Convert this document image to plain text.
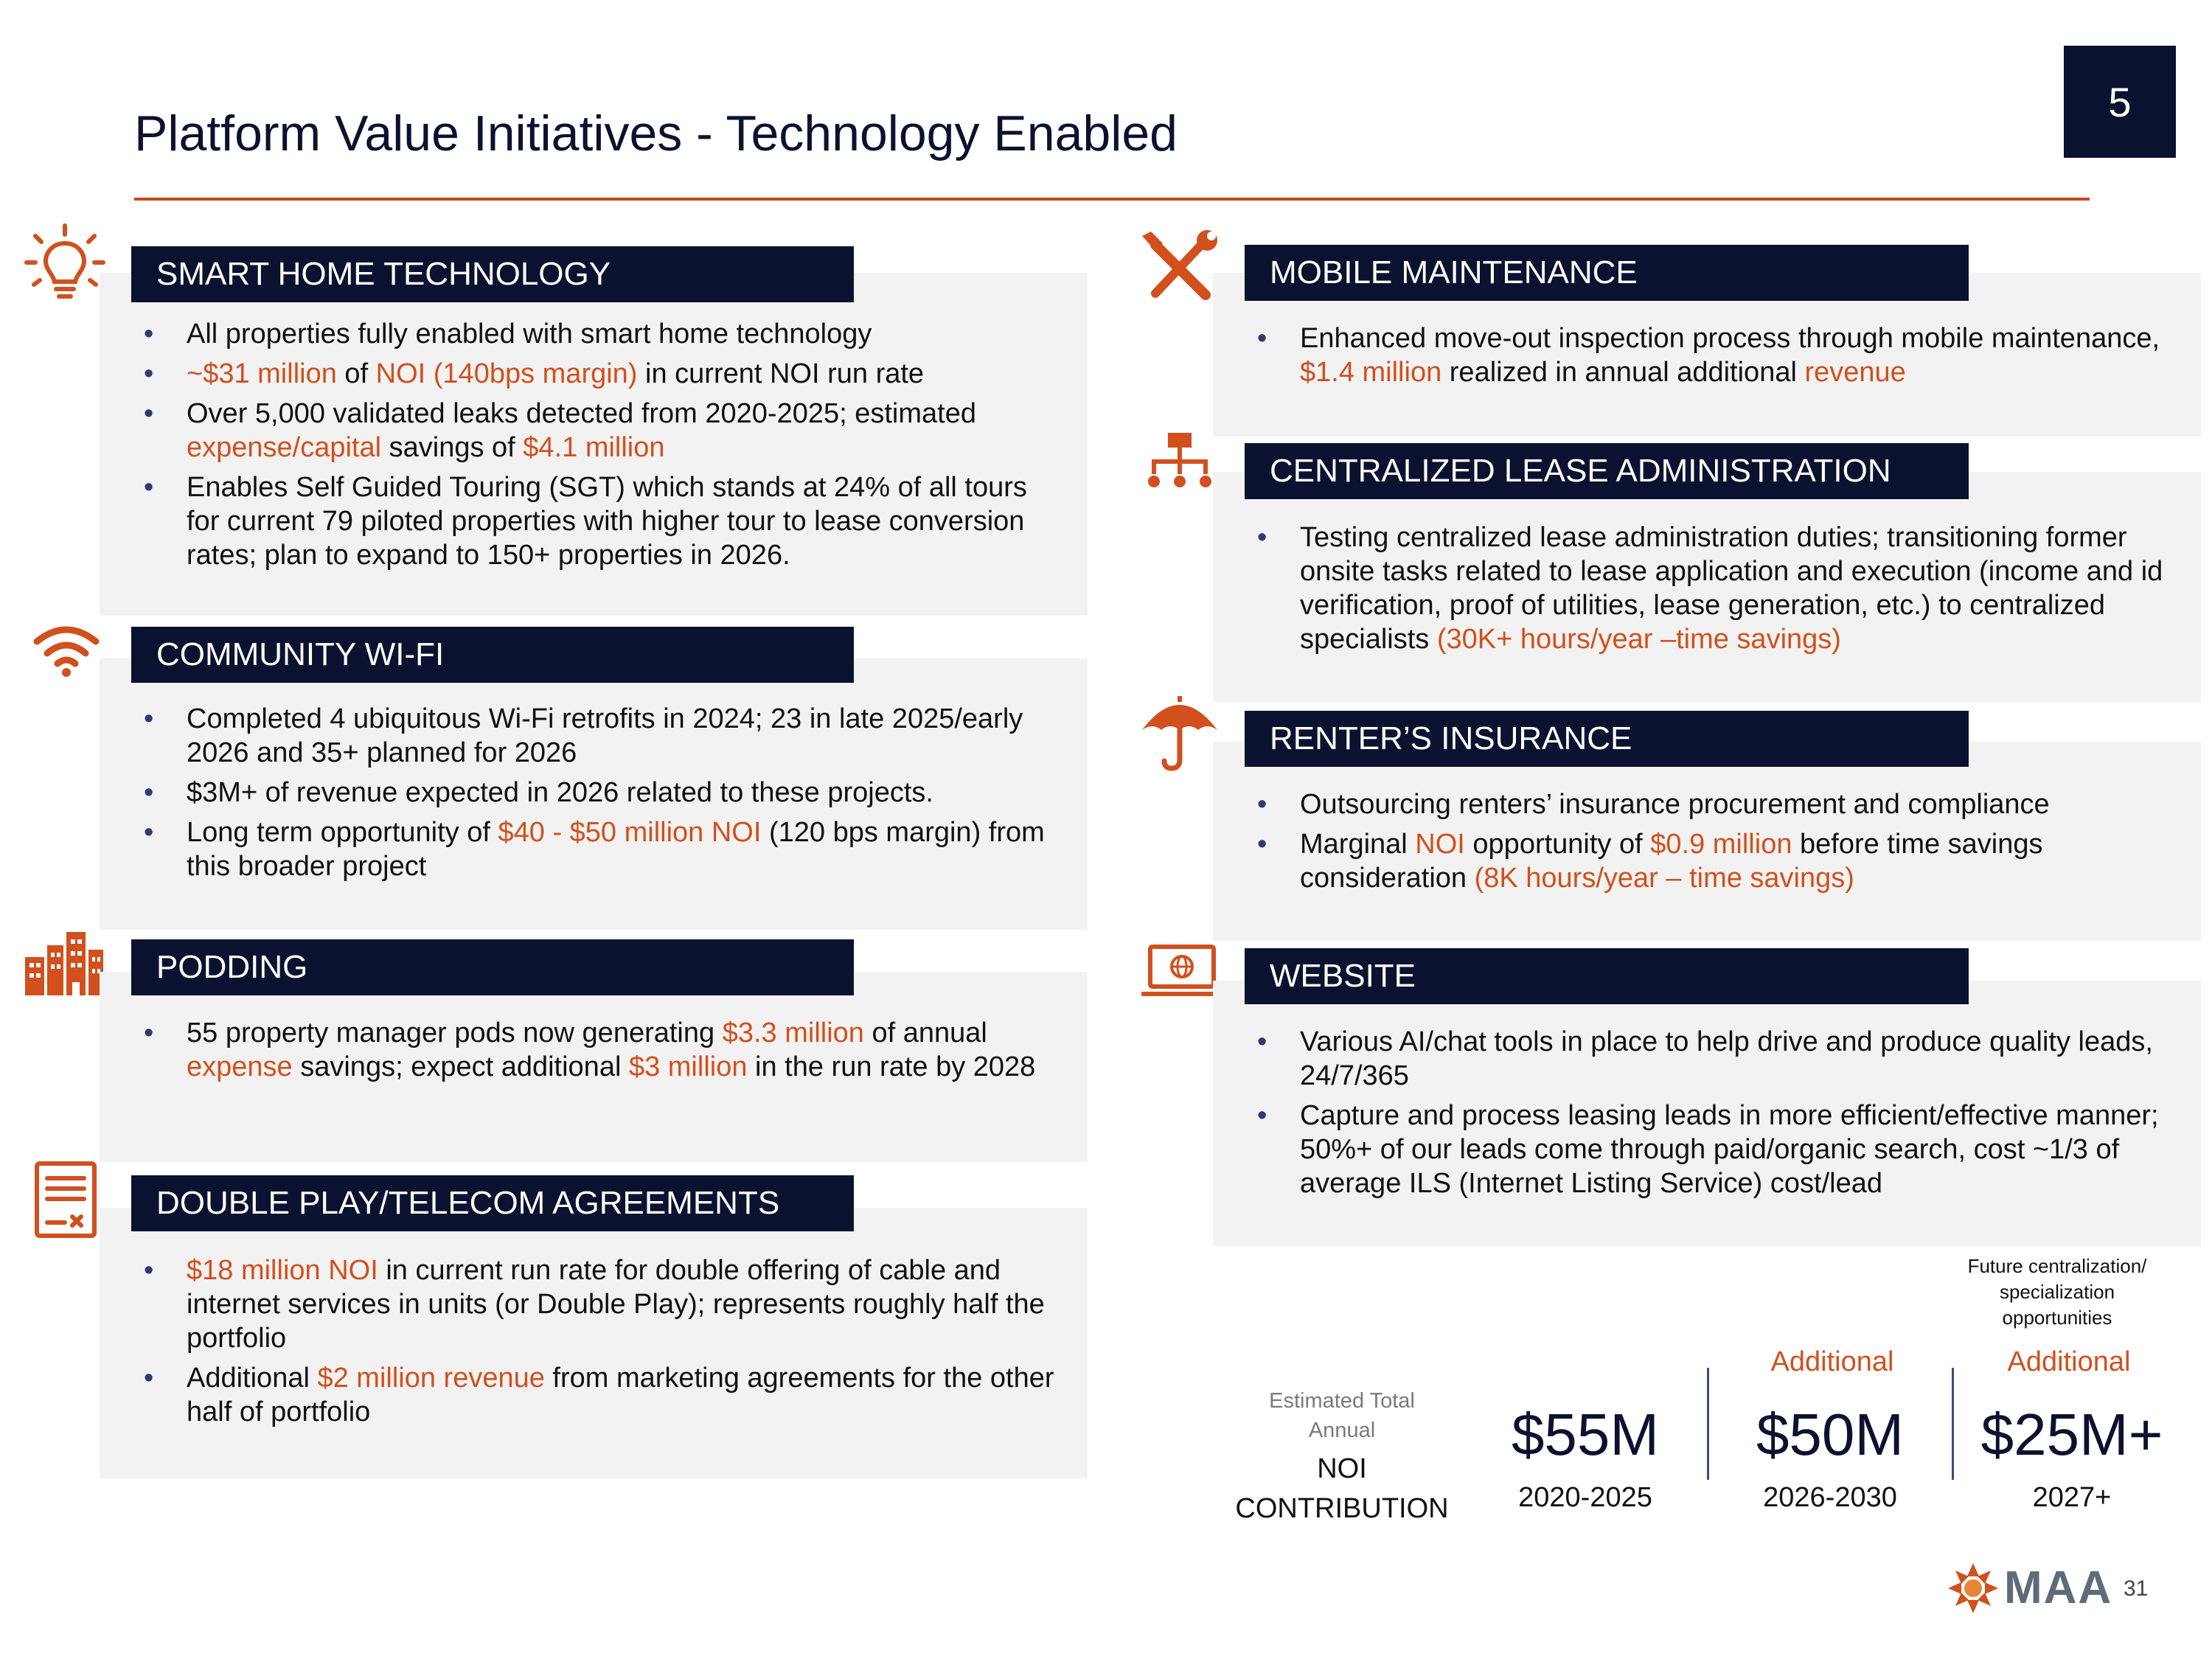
Platform Value Initiatives - Technology Enabled
5
SMART HOME TECHNOLOGY
• All properties fully enabled with smart home technology
• ~$31 million of NOI (140bps margin) in current NOI run rate
• Over 5,000 validated leaks detected from 2020-2025; estimated expense/capital savings of $4.1 million
• Enables Self Guided Touring (SGT) which stands at 24% of all tours for current 79 piloted properties with higher tour to lease conversion rates; plan to expand to 150+ properties in 2026.
COMMUNITY WI-FI
• Completed 4 ubiquitous Wi-Fi retrofits in 2024; 23 in late 2025/early 2026 and 35+ planned for 2026
• $3M+ of revenue expected in 2026 related to these projects.
• Long term opportunity of $40 - $50 million NOI (120 bps margin) from this broader project
PODDING
• 55 property manager pods now generating $3.3 million of annual expense savings; expect additional $3 million in the run rate by 2028
DOUBLE PLAY/TELECOM AGREEMENTS
• $18 million NOI in current run rate for double offering of cable and internet services in units (or Double Play); represents roughly half the portfolio
• Additional $2 million revenue from marketing agreements for the other half of portfolio
MOBILE MAINTENANCE
• Enhanced move-out inspection process through mobile maintenance, $1.4 million realized in annual additional revenue
CENTRALIZED LEASE ADMINISTRATION
• Testing centralized lease administration duties; transitioning former onsite tasks related to lease application and execution (income and id verification, proof of utilities, lease generation, etc.) to centralized specialists (30K+ hours/year –time savings)
RENTER’S INSURANCE
• Outsourcing renters’ insurance procurement and compliance
• Marginal NOI opportunity of $0.9 million before time savings consideration (8K hours/year – time savings)
WEBSITE
• Various AI/chat tools in place to help drive and produce quality leads, 24/7/365
• Capture and process leasing leads in more efficient/effective manner; 50%+ of our leads come through paid/organic search, cost ~1/3 of average ILS (Internet Listing Service) cost/lead
Estimated Total
Annual
NOI
CONTRIBUTION
Future centralization/
specialization
opportunities
$55M
2020-2025
Additional
$50M
2026-2030
Additional
$25M+
2027+
MAA 31
